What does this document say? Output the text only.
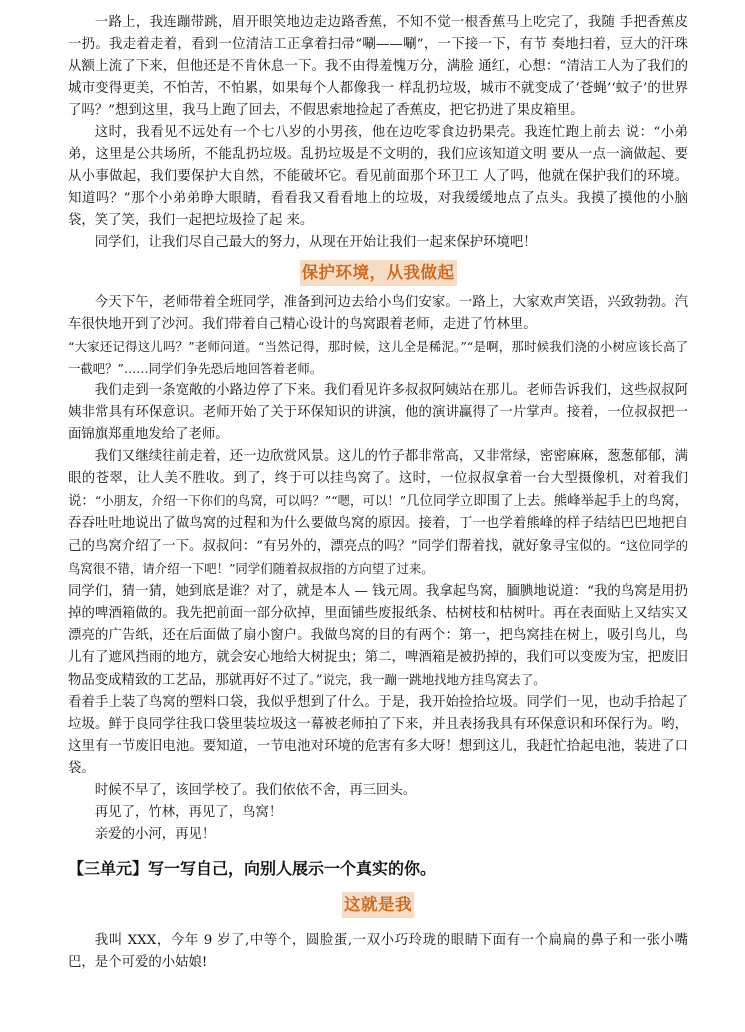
一路上，我连蹦带跳，眉开眼笑地边走边路香蕉，不知不觉一根香蕉马上吃完了，我随 手把香蕉皮一扔。我走着走着，看到一位清洁工正拿着扫帚“唰——唰”，一下接一下，有节 奏地扫着，豆大的汗珠从额上流了下来，但他还是不肯休息一下。我不由得羞愧万分，满脸 通红，心想：“清洁工人为了我们的城市变得更美，不怕苦，不怕累，如果每个人都像我一 样乱扔垃圾，城市不就变成了‘苍蝇’‘蚊子’的世界了吗？”想到这里，我马上跑了回去，不假思索地捡起了香蕉皮，把它扔进了果皮箱里。

这时，我看见不远处有一个七八岁的小男孩，他在边吃零食边扔果壳。我连忙跑上前去 说：“小弟弟，这里是公共场所，不能乱扔垃圾。乱扔垃圾是不文明的，我们应该知道文明 要从一点一滴做起、要从小事做起，我们要保护大自然，不能破坏它。看见前面那个环卫工 人了吗，他就在保护我们的环境。知道吗？”那个小弟弟睁大眼睛，看看我又看看地上的垃圾，对我缓缓地点了点头。我摸了摸他的小脑袋，笑了笑，我们一起把垃圾捡了起 来。

同学们，让我们尽自己最大的努力，从现在开始让我们一起来保护环境吧！

保护环境，从我做起

今天下午，老师带着全班同学，准备到河边去给小鸟们安家。一路上，大家欢声笑语，兴致勃勃。汽车很快地开到了沙河。我们带着自己精心设计的鸟窝跟着老师，走进了竹林里。

“大家还记得这儿吗？”老师问道。“当然记得，那时候，这儿全是稀泥。”“是啊，那时候我们浇的小树应该长高了一截吧？”……同学们争先恐后地回答着老师。

我们走到一条宽敞的小路边停了下来。我们看见许多叔叔阿姨站在那儿。老师告诉我们，这些叔叔阿姨非常具有环保意识。老师开始了关于环保知识的讲演，他的演讲赢得了一片掌声。接着，一位叔叔把一面锦旗郑重地发给了老师。

我们又继续往前走着，还一边欣赏风景。这儿的竹子都非常高，又非常绿，密密麻麻，葱葱郁郁，满眼的苍翠，让人美不胜收。到了，终于可以挂鸟窝了。这时，一位叔叔拿着一台大型摄像机，对着我们说：“小朋友，介绍一下你们的鸟窝，可以吗？”“嗯，可以！”几位同学立即围了上去。熊峰举起手上的鸟窝，吞吞吐吐地说出了做鸟窝的过程和为什么要做鸟窝的原因。接着，丁一也学着熊峰的样子结结巴巴地把自己的鸟窝介绍了一下。叔叔问：“有另外的，漂亮点的吗？”同学们帮着找，就好象寻宝似的。“这位同学的鸟窝很不错，请介绍一下吧！”同学们随着叔叔指的方向望了过来。

同学们，猜一猜，她到底是谁？对了，就是本人 — 钱元周。我拿起鸟窝，腼腆地说道：“我的鸟窝是用扔掉的啤酒箱做的。我先把前面一部分砍掉，里面铺些废报纸条、枯树枝和枯树叶。再在表面贴上又结实又漂亮的广告纸，还在后面做了扇小窗户。我做鸟窝的目的有两个：第一，把鸟窝挂在树上，吸引鸟儿，鸟儿有了遮风挡雨的地方，就会安心地给大树捉虫；第二，啤酒箱是被扔掉的，我们可以变废为宝，把废旧物品变成精致的工艺品，那就再好不过了。”说完，我一蹦一跳地找地方挂鸟窝去了。

看着手上装了鸟窝的塑料口袋，我似乎想到了什么。于是，我开始捡拾垃圾。同学们一见，也动手拾起了垃圾。鲜于良同学往我口袋里装垃圾这一幕被老师拍了下来，并且表扬我具有环保意识和环保行为。哟，这里有一节废旧电池。要知道，一节电池对环境的危害有多大呀！想到这儿，我赶忙拾起电池，装进了口袋。

时候不早了，该回学校了。我们依依不舍，再三回头。

再见了，竹林，再见了，鸟窝！

亲爱的小河，再见！

【三单元】写一写自己，向别人展示一个真实的你。
这就是我

我叫 XXX，今年 9 岁了,中等个，圆脸蛋,一双小巧玲珑的眼睛下面有一个扁扁的鼻子和一张小嘴巴，是个可爱的小姑娘!
